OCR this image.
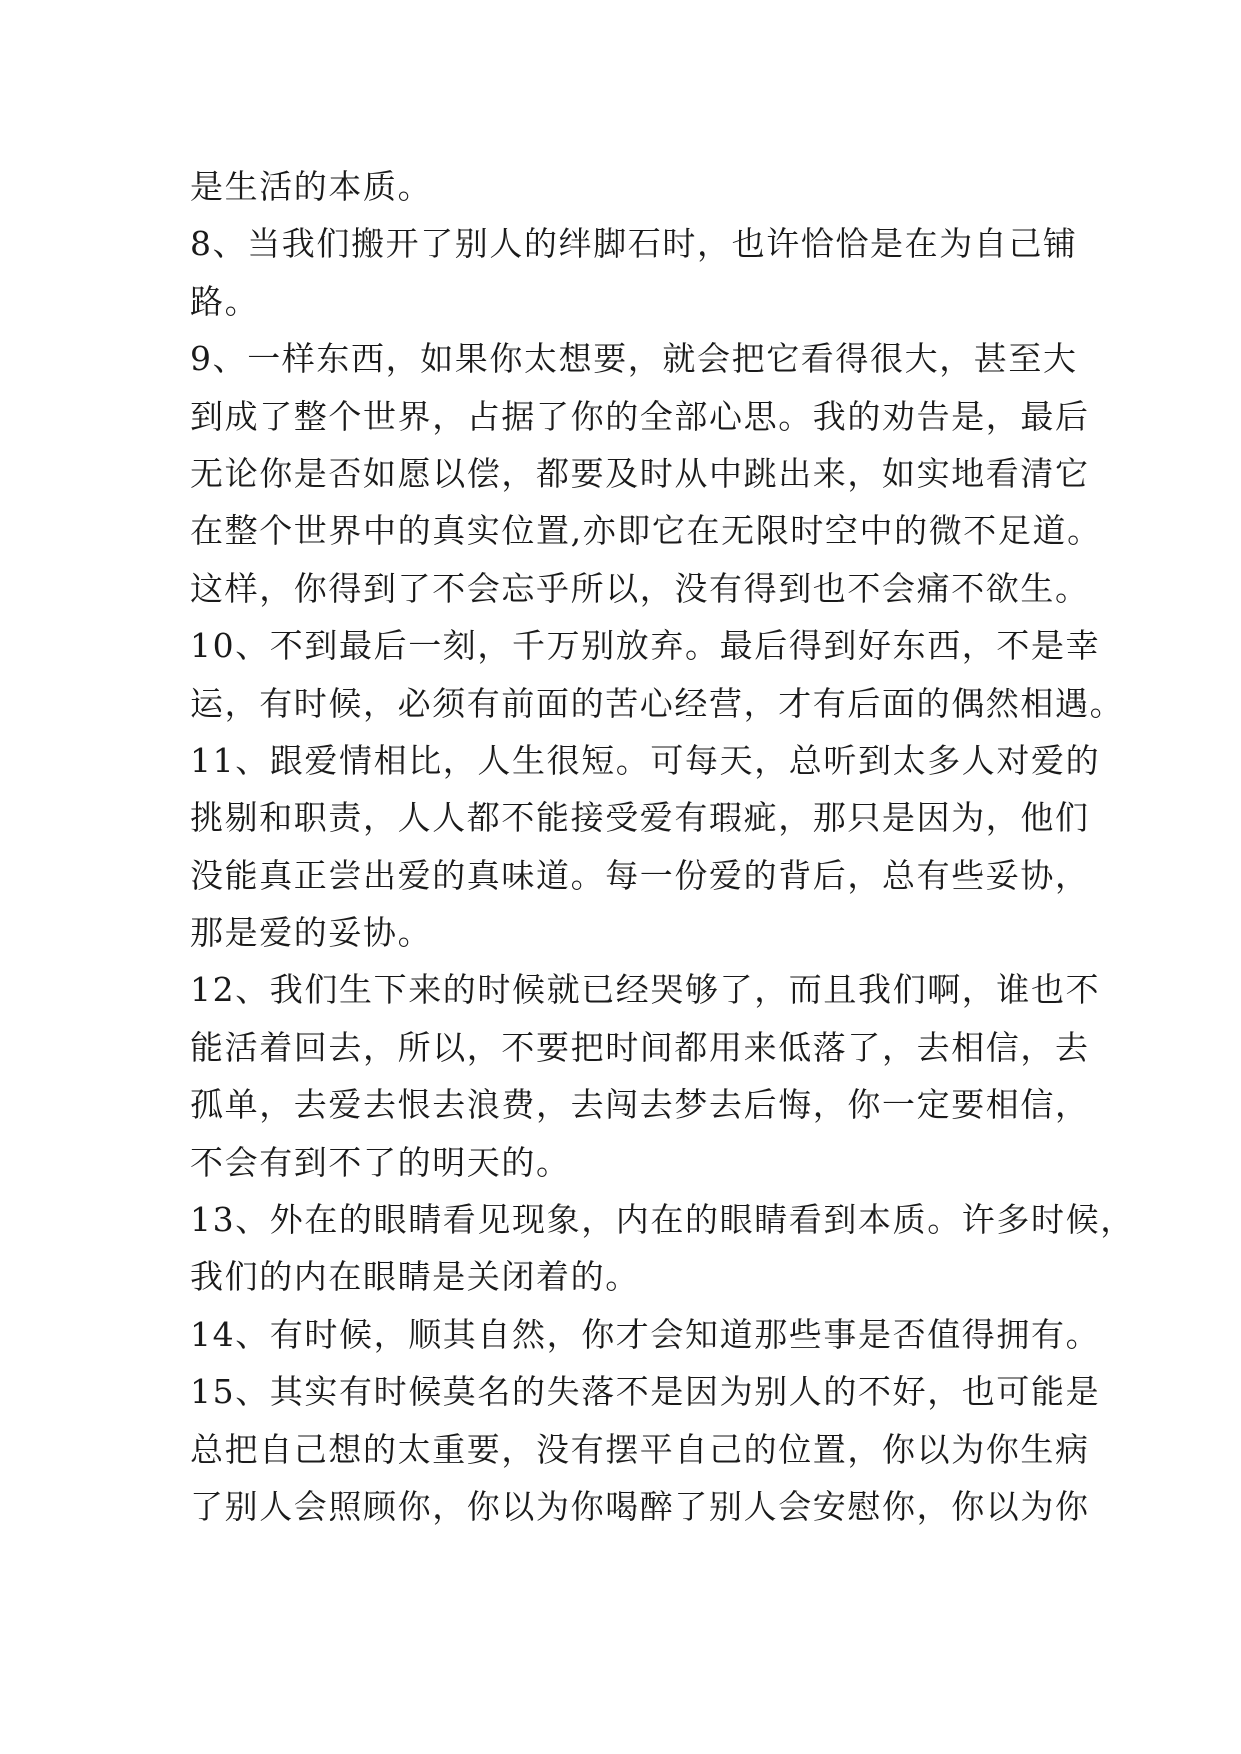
是生活的本质。
8、当我们搬开了别人的绊脚石时，也许恰恰是在为自己铺
路。
9、一样东西，如果你太想要，就会把它看得很大，甚至大
到成了整个世界，占据了你的全部心思。我的劝告是，最后
无论你是否如愿以偿，都要及时从中跳出来，如实地看清它
在整个世界中的真实位置,亦即它在无限时空中的微不足道。
这样，你得到了不会忘乎所以，没有得到也不会痛不欲生。
10、不到最后一刻，千万别放弃。最后得到好东西，不是幸
运，有时候，必须有前面的苦心经营，才有后面的偶然相遇。
11、跟爱情相比，人生很短。可每天，总听到太多人对爱的
挑剔和职责，人人都不能接受爱有瑕疵，那只是因为，他们
没能真正尝出爱的真味道。每一份爱的背后，总有些妥协，
那是爱的妥协。
12、我们生下来的时候就已经哭够了，而且我们啊，谁也不
能活着回去，所以，不要把时间都用来低落了，去相信，去
孤单，去爱去恨去浪费，去闯去梦去后悔，你一定要相信，
不会有到不了的明天的。
13、外在的眼睛看见现象，内在的眼睛看到本质。许多时候，
我们的内在眼睛是关闭着的。
14、有时候，顺其自然，你才会知道那些事是否值得拥有。
15、其实有时候莫名的失落不是因为别人的不好，也可能是
总把自己想的太重要，没有摆平自己的位置，你以为你生病
了别人会照顾你，你以为你喝醉了别人会安慰你，你以为你
